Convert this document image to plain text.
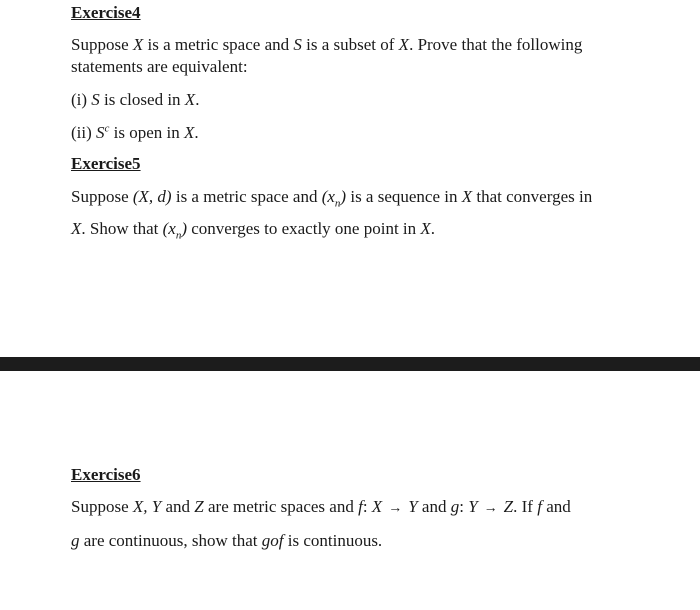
Exercise4
Suppose X is a metric space and S is a subset of X. Prove that the following
statements are equivalent:
(i) S is closed in X.
(ii) $S^c$ is open in X.
Exercise5
Suppose (X, d) is a metric space and $(x_n)$ is a sequence in X that converges in
X. Show that $(x_n)$ converges to exactly one point in X.
Exercise6
Suppose X, Y and Z are metric spaces and f: X → Y and g: Y → Z. If f and
g are continuous, show that gof is continuous.
